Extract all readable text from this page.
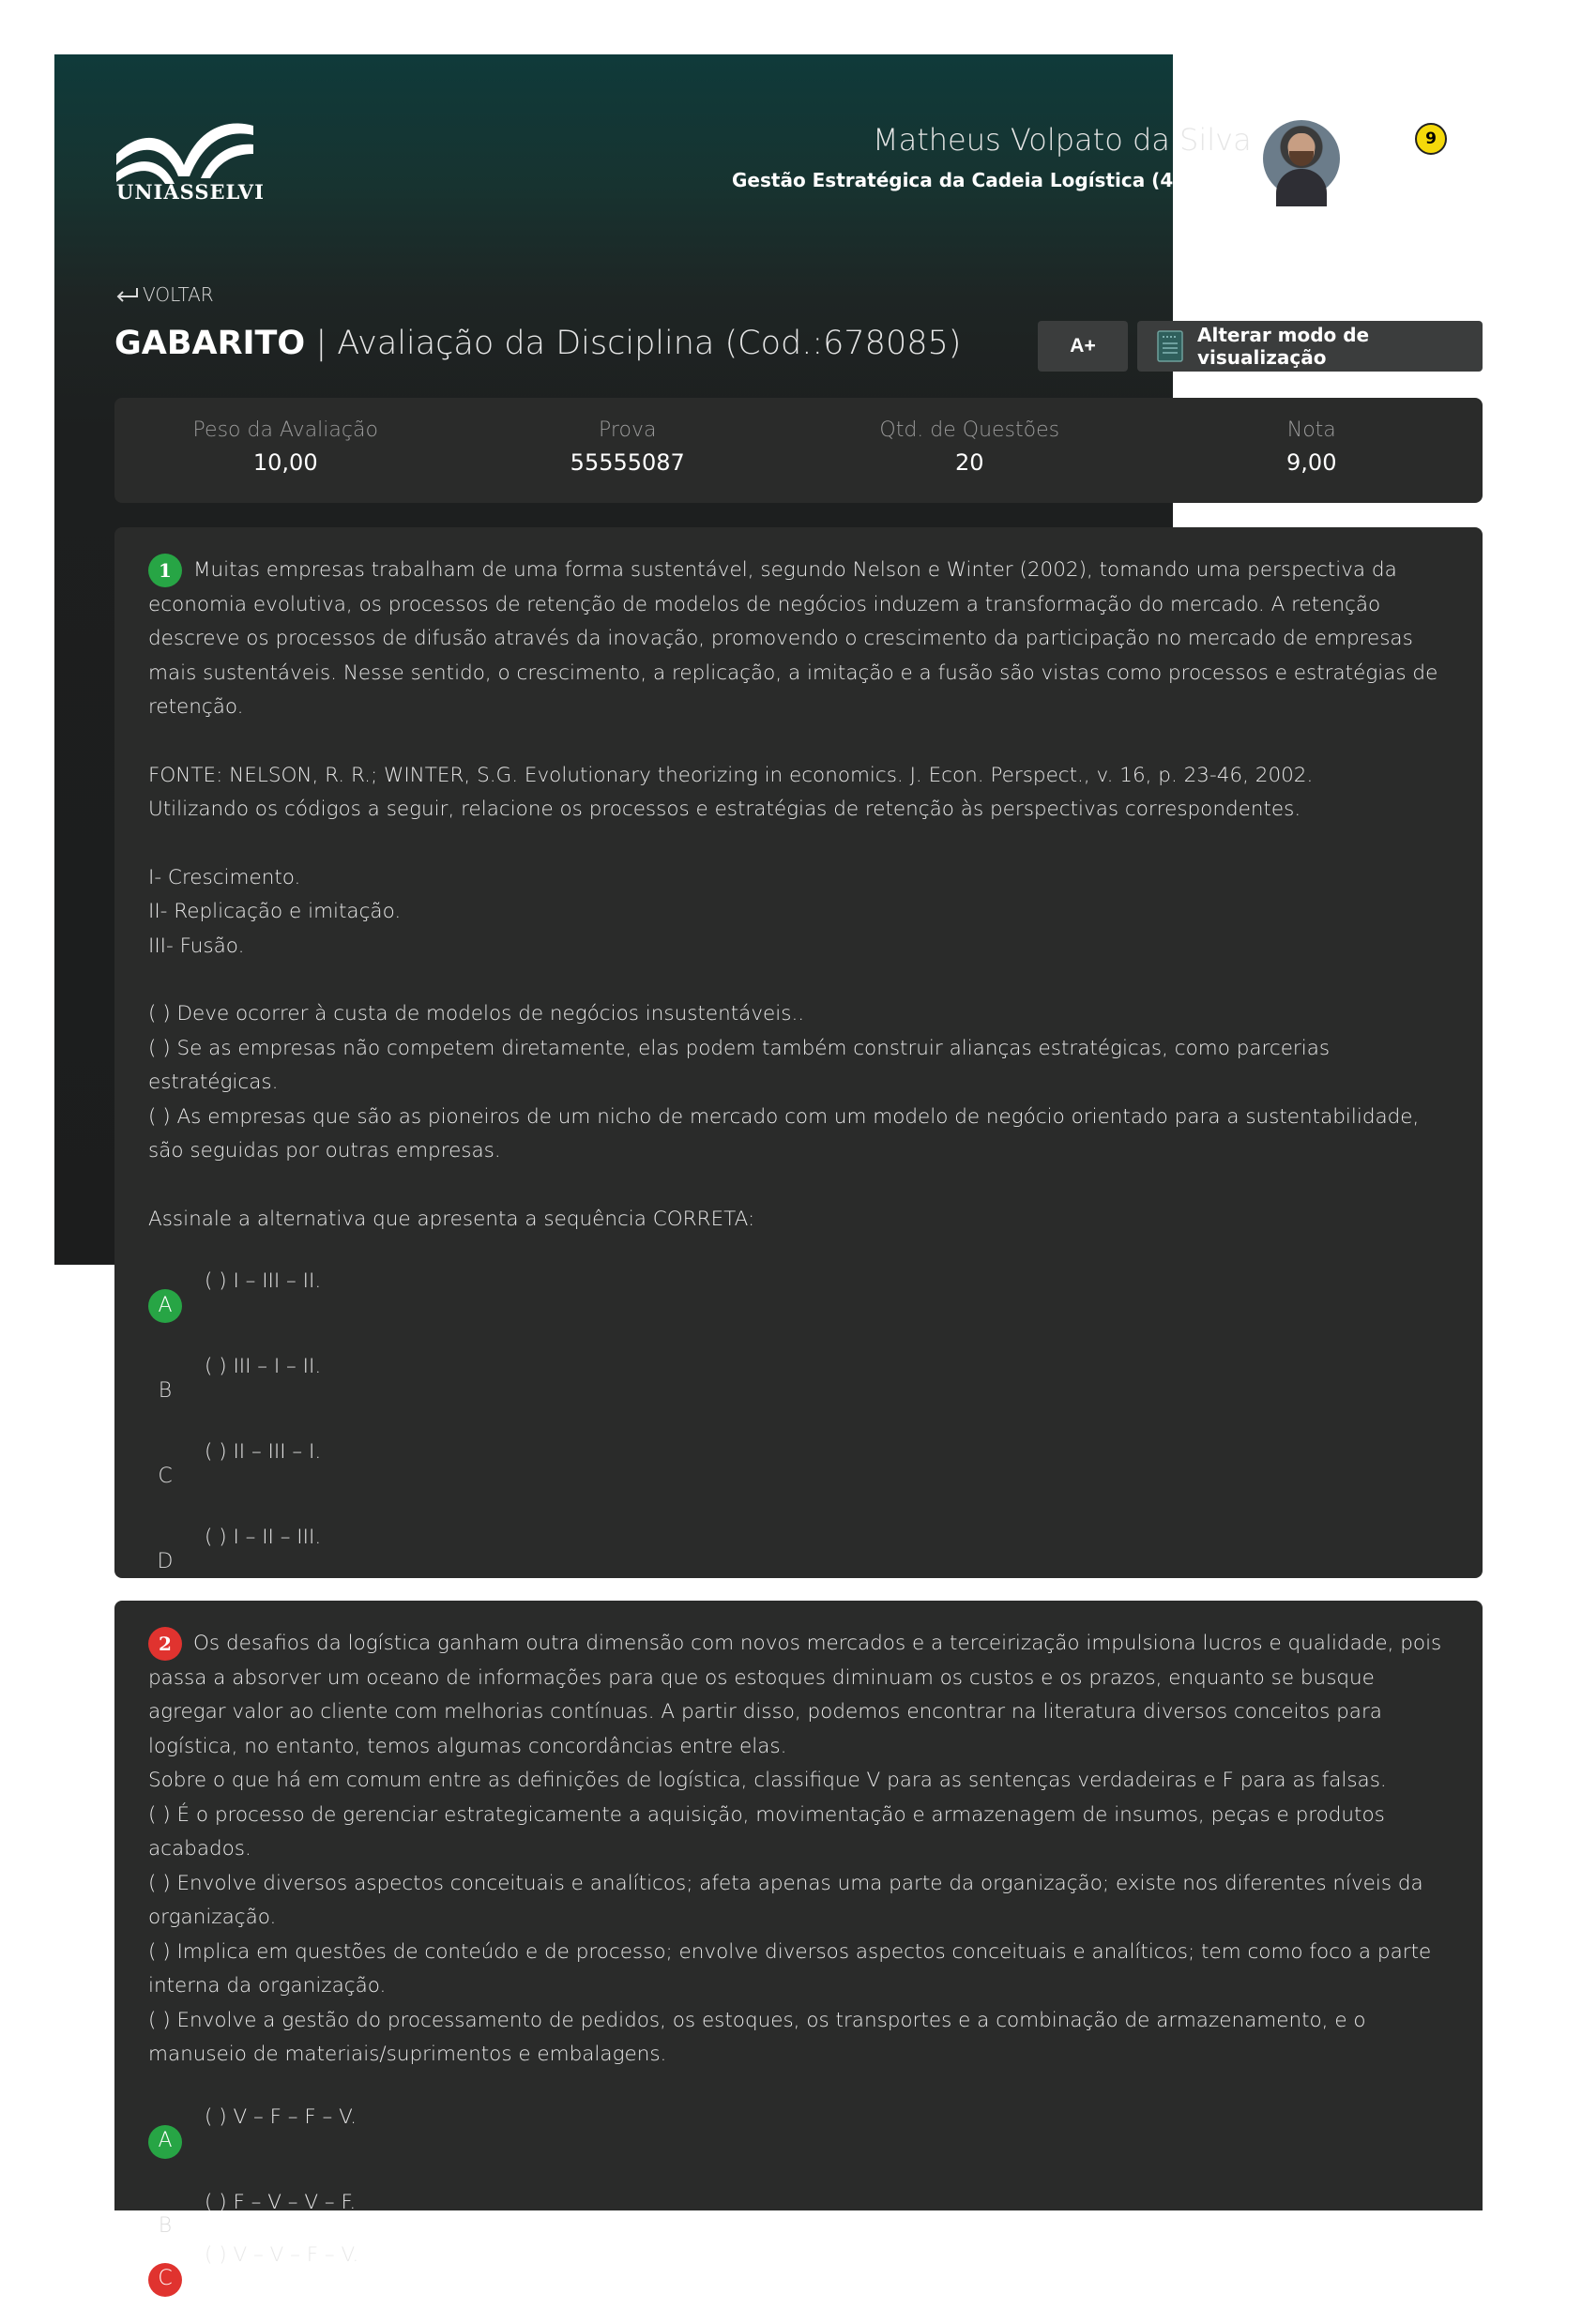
UNIASSELVI
Matheus Volpato da Silva
Gestão Estratégica da Cadeia Logística (4535
9
VOLTAR
GABARITO | Avaliação da Disciplina (Cod.:678085)	A+	Alterar modo de visualização
Peso da Avaliação
10,00
Prova
55555087
Qtd. de Questões
20
Nota
9,00

1 Muitas empresas trabalham de uma forma sustentável, segundo Nelson e Winter (2002), tomando uma perspectiva da economia evolutiva, os processos de retenção de modelos de negócios induzem a transformação do mercado. A retenção descreve os processos de difusão através da inovação, promovendo o crescimento da participação no mercado de empresas mais sustentáveis. Nesse sentido, o crescimento, a replicação, a imitação e a fusão são vistas como processos e estratégias de retenção.

FONTE: NELSON, R. R.; WINTER, S.G. Evolutionary theorizing in economics. J. Econ. Perspect., v. 16, p. 23-46, 2002.

Utilizando os códigos a seguir, relacione os processos e estratégias de retenção às perspectivas correspondentes.

I- Crescimento.

II- Replicação e imitação.

III- Fusão.

( ) Deve ocorrer à custa de modelos de negócios insustentáveis..

( ) Se as empresas não competem diretamente, elas podem também construir alianças estratégicas, como parcerias estratégicas.

( ) As empresas que são as pioneiros de um nicho de mercado com um modelo de negócio orientado para a sustentabilidade, são seguidas por outras empresas.

Assinale a alternativa que apresenta a sequência CORRETA:

A
( ) I – III – II.
B
( ) III – I – II.
C
( ) II – III – I.
D
( ) I – II – III.

2 Os desafios da logística ganham outra dimensão com novos mercados e a terceirização impulsiona lucros e qualidade, pois passa a absorver um oceano de informações para que os estoques diminuam os custos e os prazos, enquanto se busque agregar valor ao cliente com melhorias contínuas. A partir disso, podemos encontrar na literatura diversos conceitos para logística, no entanto, temos algumas concordâncias entre elas.

Sobre o que há em comum entre as definições de logística, classifique V para as sentenças verdadeiras e F para as falsas.

( ) É o processo de gerenciar estrategicamente a aquisição, movimentação e armazenagem de insumos, peças e produtos acabados.

( ) Envolve diversos aspectos conceituais e analíticos; afeta apenas uma parte da organização; existe nos diferentes níveis da organização.

( ) Implica em questões de conteúdo e de processo; envolve diversos aspectos conceituais e analíticos; tem como foco a parte interna da organização.

( ) Envolve a gestão do processamento de pedidos, os estoques, os transportes e a combinação de armazenamento, e o manuseio de materiais/suprimentos e embalagens.

A
( ) V – F – F – V.
B
( ) F – V – V – F.
C
( ) V – V – F – V.
